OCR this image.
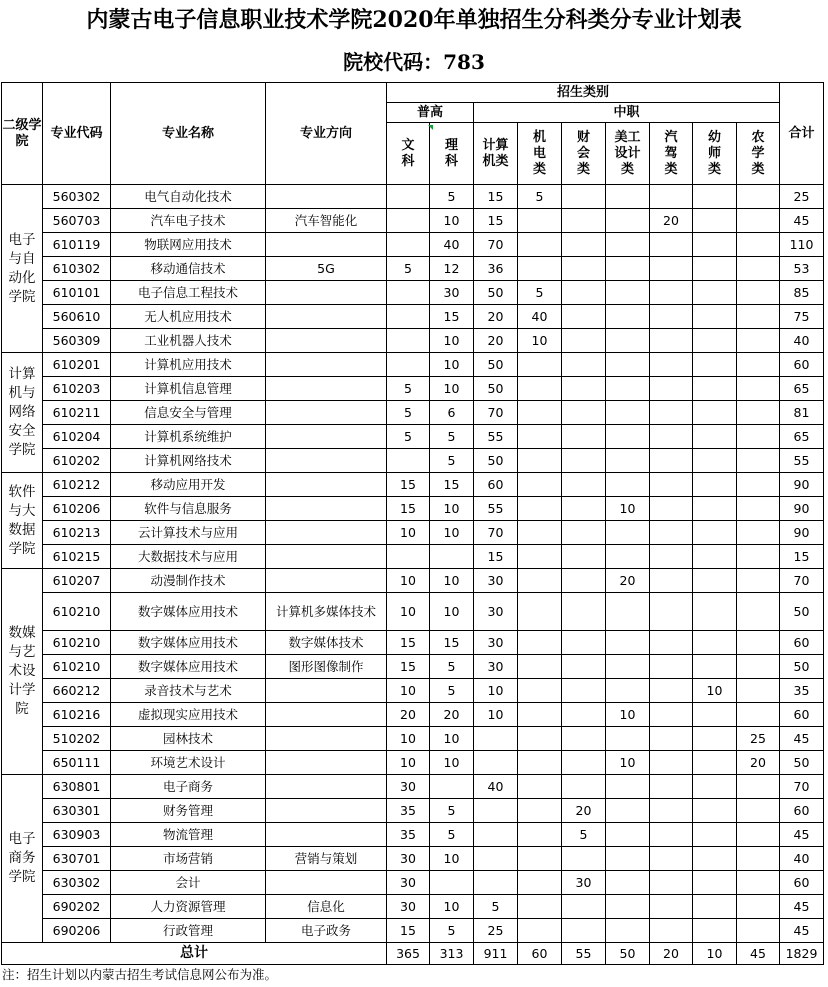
内蒙古电子信息职业技术学院2020年单独招生分科类分专业计划表
院校代码：783
二级学院	专业代码	专业名称	专业方向	招生类别									合计
				普高		中职							
				文科	理科	计算机类	机电类	财会类	美工设计类	汽驾类	幼师类	农学类	
电子与自动化学院	560302	电气自动化技术			5	15	5						25
	560703	汽车电子技术	汽车智能化		10	15				20			45
	610119	物联网应用技术			40	70							110
	610302	移动通信技术	5G	5	12	36							53
	610101	电子信息工程技术			30	50	5						85
	560610	无人机应用技术			15	20	40						75
	560309	工业机器人技术			10	20	10						40
计算机与网络安全学院	610201	计算机应用技术			10	50							60
	610203	计算机信息管理		5	10	50							65
	610211	信息安全与管理		5	6	70							81
	610204	计算机系统维护		5	5	55							65
	610202	计算机网络技术			5	50							55
软件与大数据学院	610212	移动应用开发		15	15	60							90
	610206	软件与信息服务		15	10	55			10				90
	610213	云计算技术与应用		10	10	70							90
	610215	大数据技术与应用				15							15
数媒与艺术设计学院	610207	动漫制作技术		10	10	30			20				70
	610210	数字媒体应用技术	计算机多媒体技术	10	10	30							50
	610210	数字媒体应用技术	数字媒体技术	15	15	30							60
	610210	数字媒体应用技术	图形图像制作	15	5	30							50
	660212	录音技术与艺术		10	5	10					10		35
	610216	虚拟现实应用技术		20	20	10			10				60
	510202	园林技术		10	10							25	45
	650111	环境艺术设计		10	10				10			20	50
电子商务学院	630801	电子商务		30		40							70
	630301	财务管理		35	5			20					60
	630903	物流管理		35	5			5					45
	630701	市场营销	营销与策划	30	10								40
	630302	会计		30				30					60
	690202	人力资源管理	信息化	30	10	5							45
	690206	行政管理	电子政务	15	5	25							45
总计				365	313	911	60	55	50	20	10	45	1829
注：招生计划以内蒙古招生考试信息网公布为准。
